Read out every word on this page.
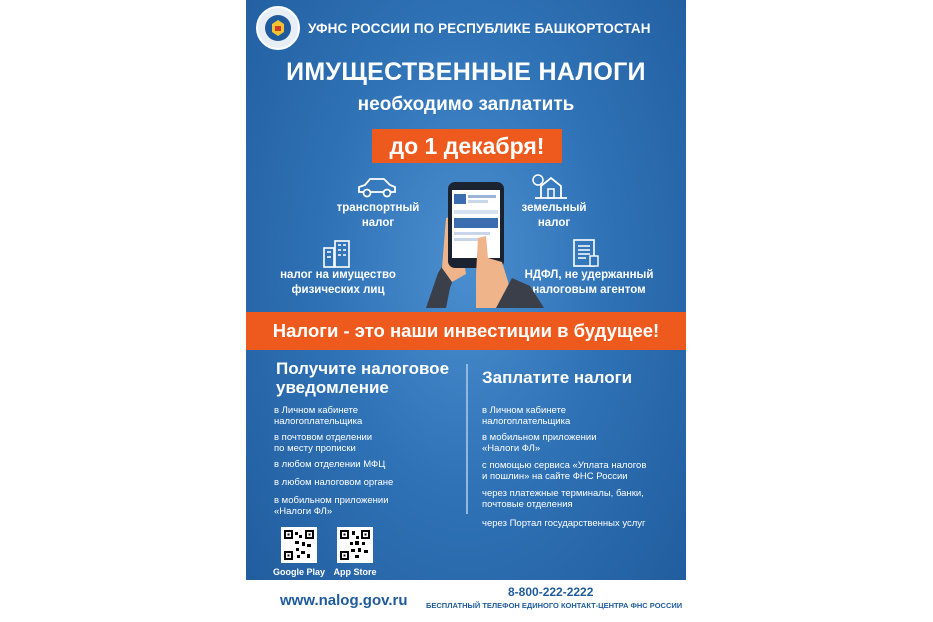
УФНС РОССИИ ПО РЕСПУБЛИКЕ БАШКОРТОСТАН
ИМУЩЕСТВЕННЫЕ НАЛОГИ
необходимо заплатить
до 1 декабря!
транспортный
налог
земельный
налог
налог на имущество
физических лиц
НДФЛ, не удержанный
налоговым агентом
Налоги - это наши инвестиции в будущее!
Получите налоговое
уведомление
в Личном кабинете
налогоплательщика
в почтовом отделении
по месту прописки
в любом отделении МФЦ
в любом налоговом органе
в мобильном приложении
«Налоги ФЛ»
Google Play App Store
Заплатите налоги
в Личном кабинете
налогоплательщика
в мобильном приложении
«Налоги ФЛ»
с помощью сервиса «Уплата налогов
и пошлин» на сайте ФНС России
через платежные терминалы, банки,
почтовые отделения
через Портал государственных услуг
www.nalog.gov.ru	8-800-222-2222
БЕСПЛАТНЫЙ ТЕЛЕФОН ЕДИНОГО КОНТАКТ-ЦЕНТРА ФНС РОССИИ
